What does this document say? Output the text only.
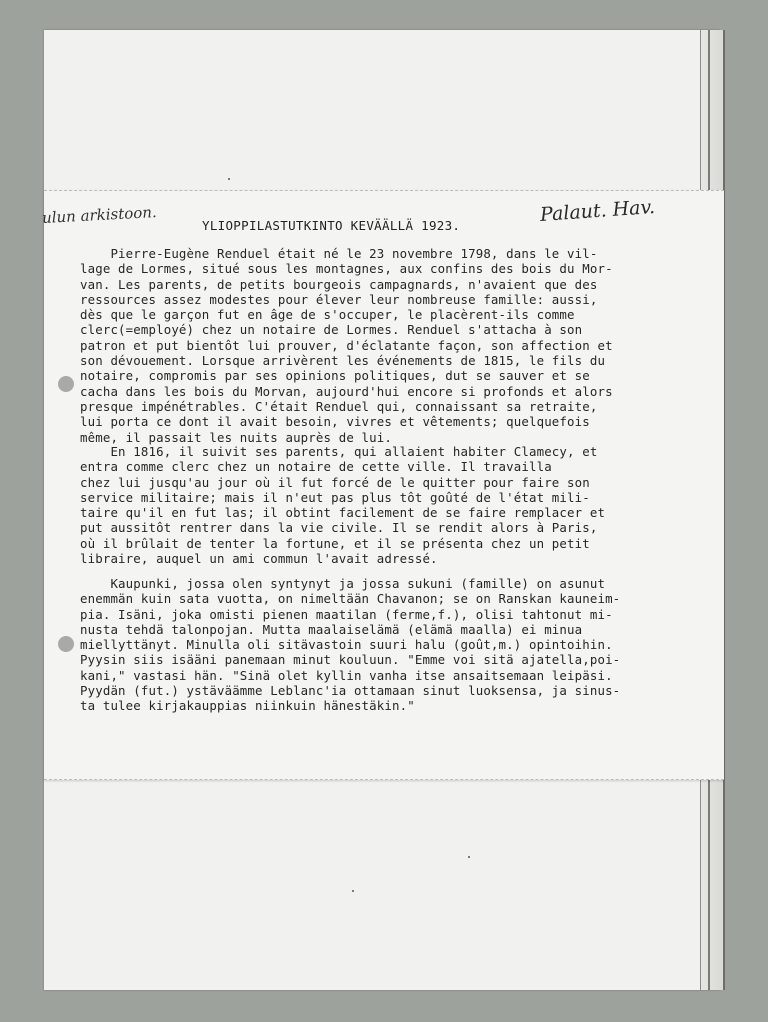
ulun arkistoon.	Palaut. Hav.
YLIOPPILASTUTKINTO KEVÄÄLLÄ 1923.
Pierre-Eugène Renduel était né le 23 novembre 1798, dans le vil-
lage de Lormes, situé sous les montagnes, aux confins des bois du Mor-
van. Les parents, de petits bourgeois campagnards, n'avaient que des
ressources assez modestes pour élever leur nombreuse famille: aussi,
dès que le garçon fut en âge de s'occuper, le placèrent-ils comme
clerc(=employé) chez un notaire de Lormes. Renduel s'attacha à son
patron et put bientôt lui prouver, d'éclatante façon, son affection et
son dévouement. Lorsque arrivèrent les événements de 1815, le fils du
notaire, compromis par ses opinions politiques, dut se sauver et se
cacha dans les bois du Morvan, aujourd'hui encore si profonds et alors
presque impénétrables. C'était Renduel qui, connaissant sa retraite,
lui porta ce dont il avait besoin, vivres et vêtements; quelquefois
même, il passait les nuits auprès de lui.
En 1816, il suivit ses parents, qui allaient habiter Clamecy, et
entra comme clerc chez un notaire de cette ville. Il travailla
chez lui jusqu'au jour où il fut forcé de le quitter pour faire son
service militaire; mais il n'eut pas plus tôt goûté de l'état mili-
taire qu'il en fut las; il obtint facilement de se faire remplacer et
put aussitôt rentrer dans la vie civile. Il se rendit alors à Paris,
où il brûlait de tenter la fortune, et il se présenta chez un petit
libraire, auquel un ami commun l'avait adressé.
Kaupunki, jossa olen syntynyt ja jossa sukuni (famille) on asunut
enemmän kuin sata vuotta, on nimeltään Chavanon; se on Ranskan kauneim-
pia. Isäni, joka omisti pienen maatilan (ferme,f.), olisi tahtonut mi-
nusta tehdä talonpojan. Mutta maalaiselämä (elämä maalla) ei minua
miellyttänyt. Minulla oli sitävastoin suuri halu (goût,m.) opintoihin.
Pyysin siis isääni panemaan minut kouluun. "Emme voi sitä ajatella,poi-
kani," vastasi hän. "Sinä olet kyllin vanha itse ansaitsemaan leipäsi.
Pyydän (fut.) ystäväämme Leblanc'ia ottamaan sinut luoksensa, ja sinus-
ta tulee kirjakauppias niinkuin hänestäkin."
